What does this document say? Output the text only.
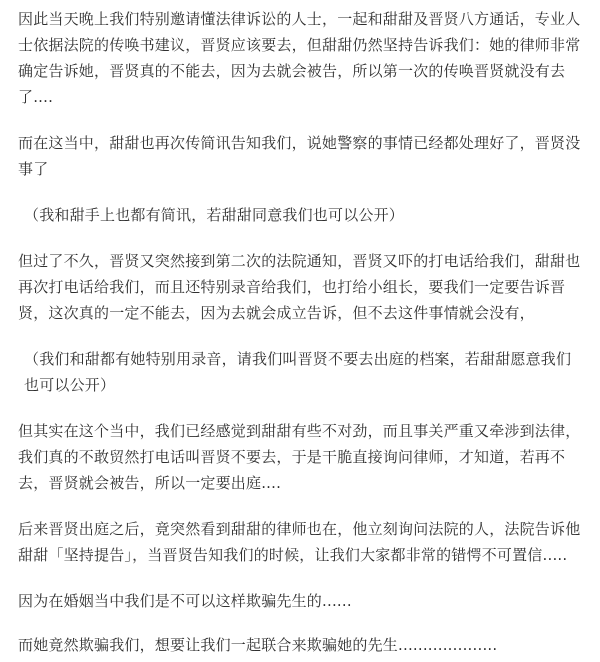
因此当天晚上我们特别邀请懂法律诉讼的人士，一起和甜甜及晋贤八方通话，专业人士依据法院的传唤书建议，晋贤应该要去，但甜甜仍然坚持告诉我们：她的律师非常确定告诉她，晋贤真的不能去，因为去就会被告，所以第一次的传唤晋贤就没有去了....

而在这当中，甜甜也再次传简讯告知我们，说她警察的事情已经都处理好了，晋贤没事了

（我和甜手上也都有简讯，若甜甜同意我们也可以公开）

但过了不久，晋贤又突然接到第二次的法院通知，晋贤又吓的打电话给我们，甜甜也再次打电话给我们，而且还特别录音给我们，也打给小组长，要我们一定要告诉晋贤，这次真的一定不能去，因为去就会成立告诉，但不去这件事情就会没有，

（我们和甜都有她特别用录音，请我们叫晋贤不要去出庭的档案，若甜甜愿意我们也可以公开）

但其实在这个当中，我们已经感觉到甜甜有些不对劲，而且事关严重又牵涉到法律，我们真的不敢贸然打电话叫晋贤不要去，于是干脆直接询问律师，才知道，若再不去，晋贤就会被告，所以一定要出庭....

后来晋贤出庭之后，竟突然看到甜甜的律师也在，他立刻询问法院的人，法院告诉他甜甜「坚持提告」，当晋贤告知我们的时候，让我们大家都非常的错愕不可置信.....

因为在婚姻当中我们是不可以这样欺骗先生的......

而她竟然欺骗我们，想要让我们一起联合来欺骗她的先生....................
